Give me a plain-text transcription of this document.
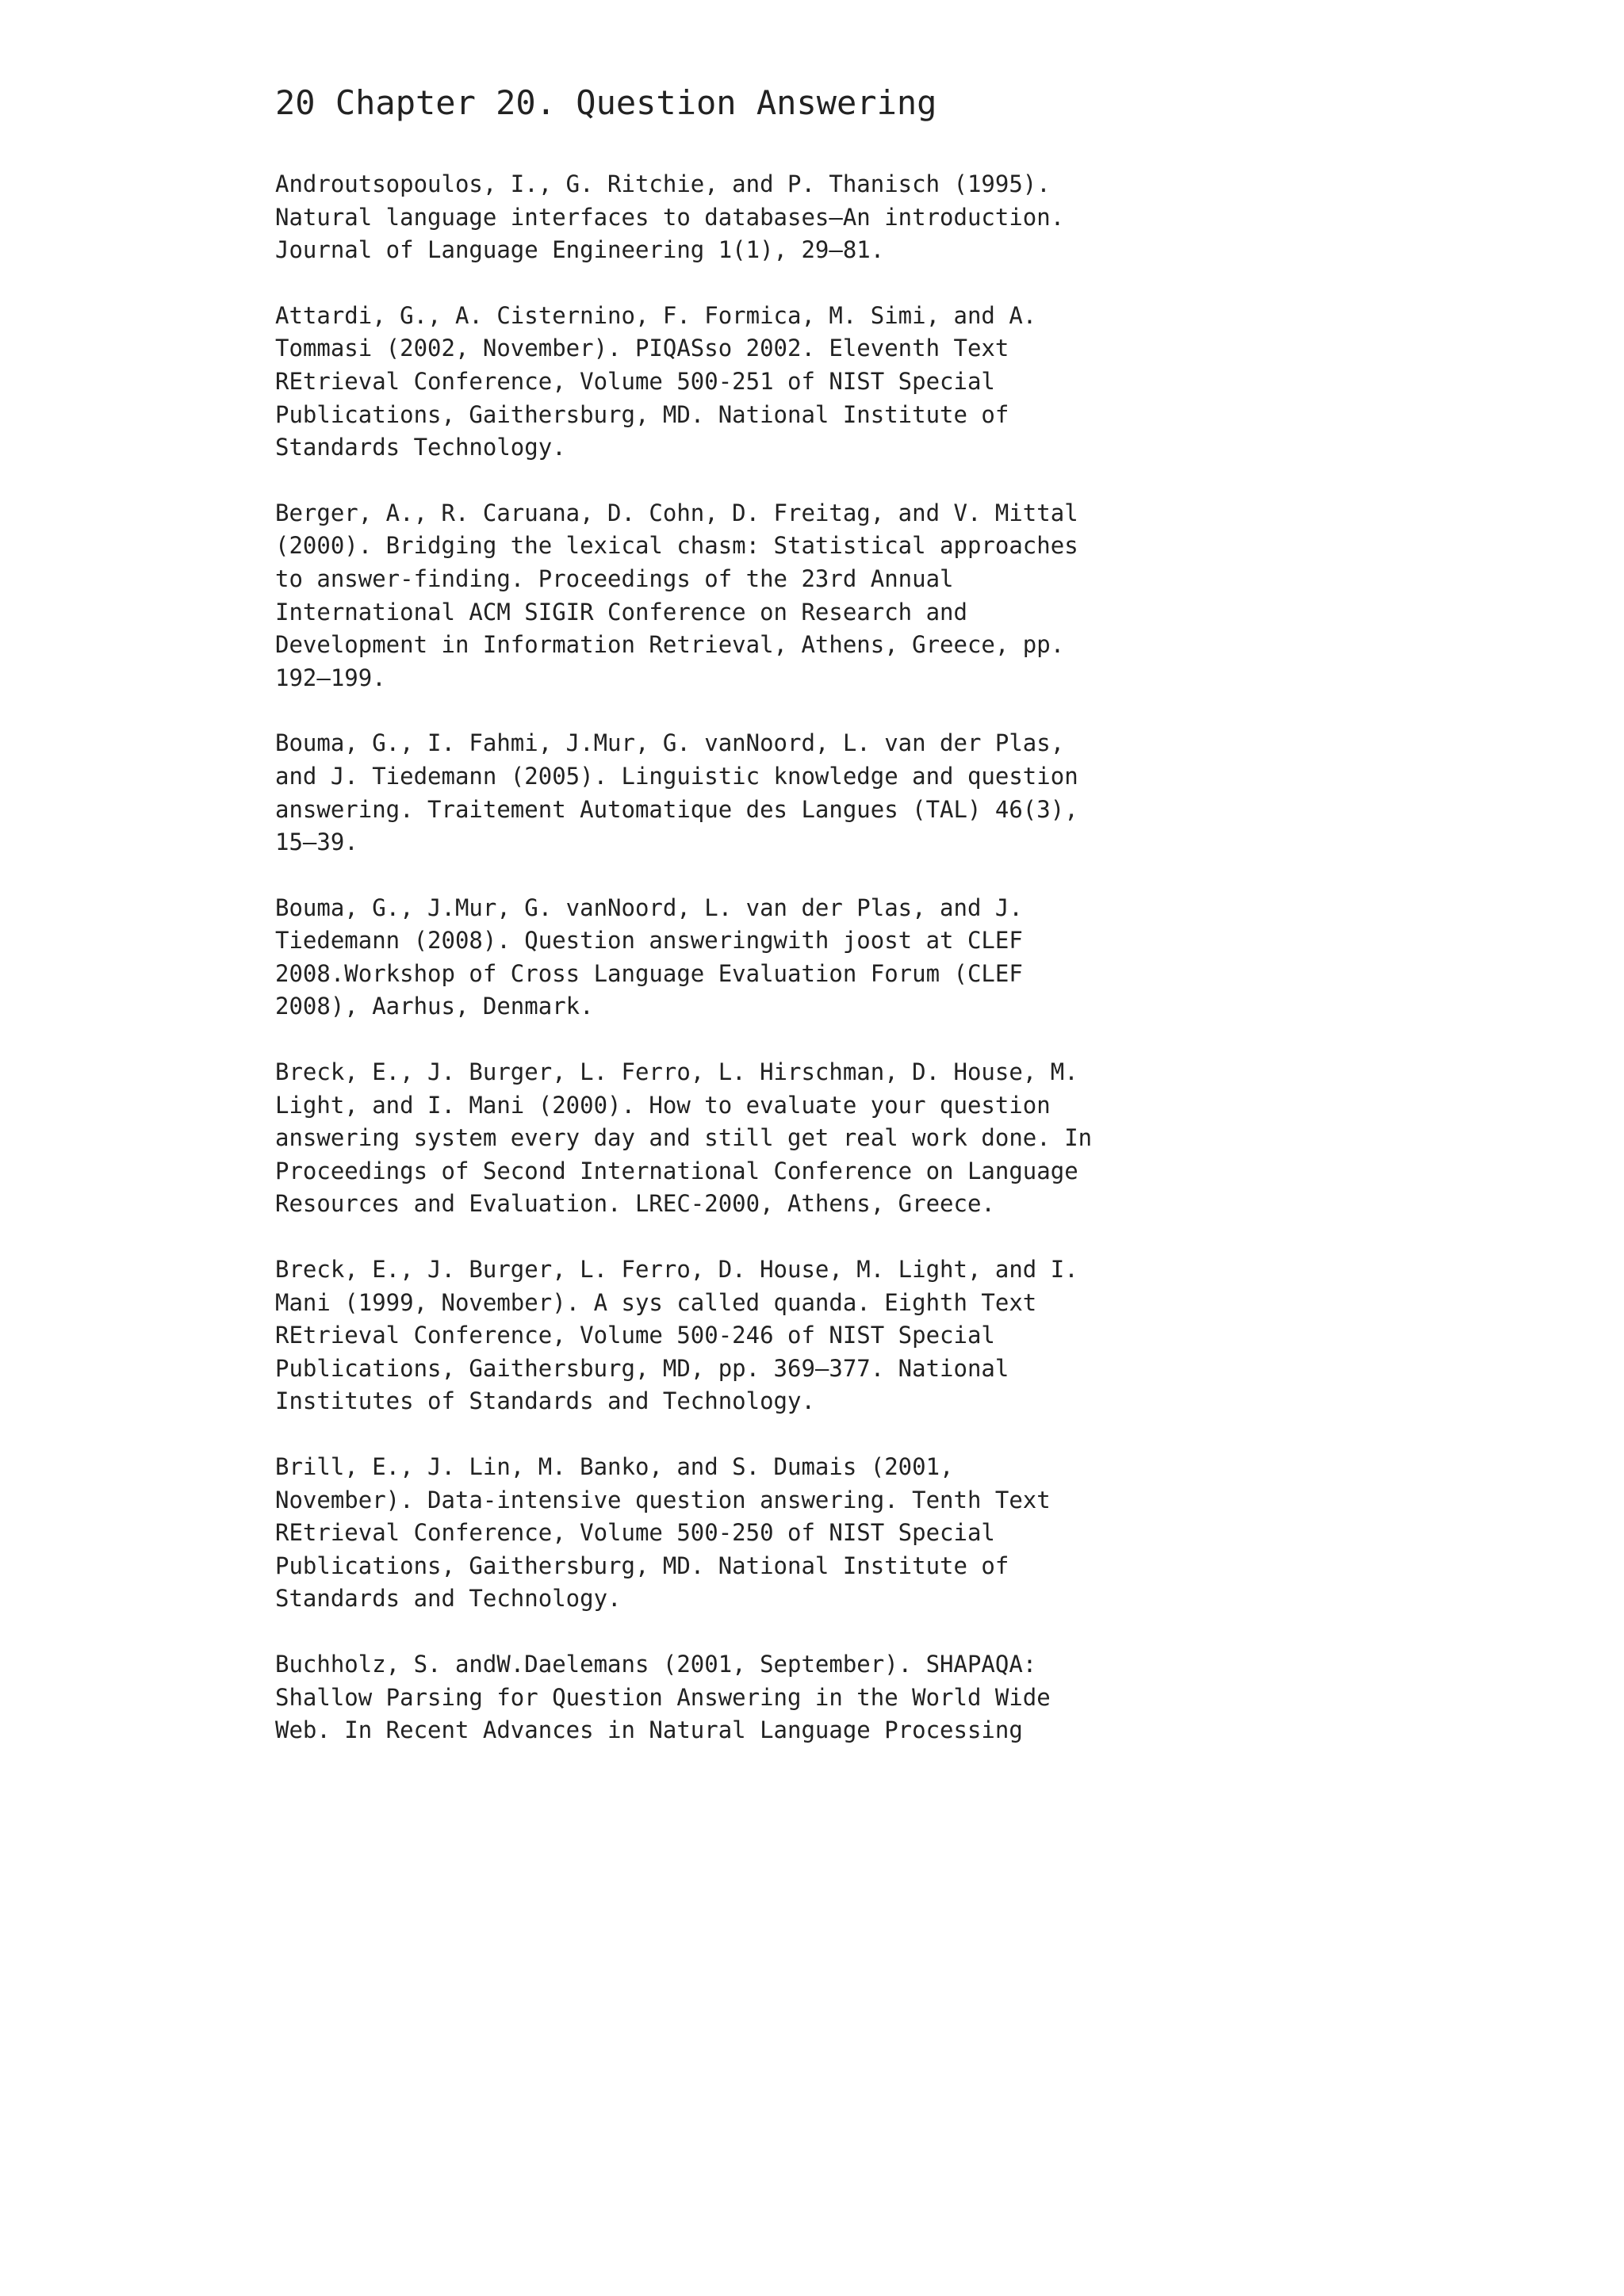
20 Chapter 20. Question Answering
Androutsopoulos, I., G. Ritchie, and P. Thanisch (1995).
Natural language interfaces to databases—An introduction.
Journal of Language Engineering 1(1), 29–81.
Attardi, G., A. Cisternino, F. Formica, M. Simi, and A.
Tommasi (2002, November). PIQASso 2002. Eleventh Text
REtrieval Conference, Volume 500-251 of NIST Special
Publications, Gaithersburg, MD. National Institute of
Standards Technology.
Berger, A., R. Caruana, D. Cohn, D. Freitag, and V. Mittal
(2000). Bridging the lexical chasm: Statistical approaches
to answer-finding. Proceedings of the 23rd Annual
International ACM SIGIR Conference on Research and
Development in Information Retrieval, Athens, Greece, pp.
192–199.
Bouma, G., I. Fahmi, J.Mur, G. vanNoord, L. van der Plas,
and J. Tiedemann (2005). Linguistic knowledge and question
answering. Traitement Automatique des Langues (TAL) 46(3),
15–39.
Bouma, G., J.Mur, G. vanNoord, L. van der Plas, and J.
Tiedemann (2008). Question answeringwith joost at CLEF
2008.Workshop of Cross Language Evaluation Forum (CLEF
2008), Aarhus, Denmark.
Breck, E., J. Burger, L. Ferro, L. Hirschman, D. House, M.
Light, and I. Mani (2000). How to evaluate your question
answering system every day and still get real work done. In
Proceedings of Second International Conference on Language
Resources and Evaluation. LREC-2000, Athens, Greece.
Breck, E., J. Burger, L. Ferro, D. House, M. Light, and I.
Mani (1999, November). A sys called quanda. Eighth Text
REtrieval Conference, Volume 500-246 of NIST Special
Publications, Gaithersburg, MD, pp. 369–377. National
Institutes of Standards and Technology.
Brill, E., J. Lin, M. Banko, and S. Dumais (2001,
November). Data-intensive question answering. Tenth Text
REtrieval Conference, Volume 500-250 of NIST Special
Publications, Gaithersburg, MD. National Institute of
Standards and Technology.
Buchholz, S. andW.Daelemans (2001, September). SHAPAQA:
Shallow Parsing for Question Answering in the World Wide
Web. In Recent Advances in Natural Language Processing
